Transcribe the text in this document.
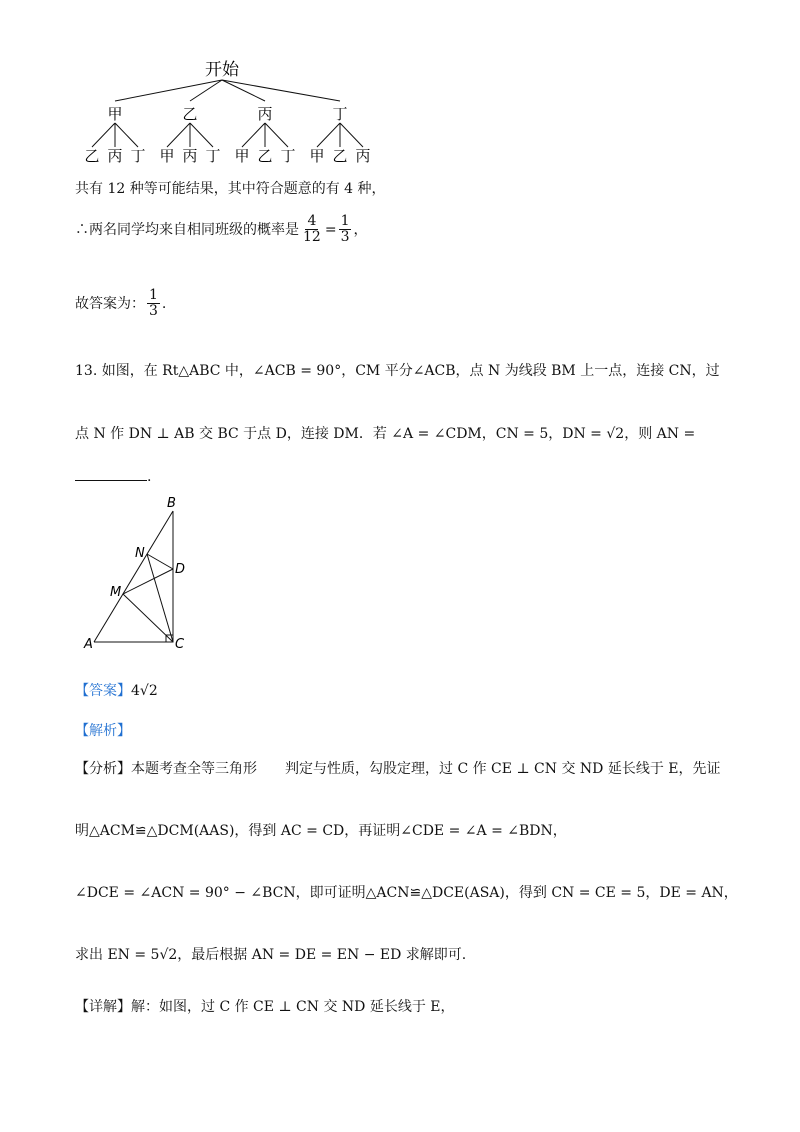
开始
甲	乙	丙	丁
乙 丙 丁 甲 丙 丁 甲 乙 丁 甲 乙 丙
共有 12 种等可能结果，其中符合题意的有 4 种，
∴两名同学均来自相同班级的概率是 $\frac{4}{12} = \frac{1}{3}$ ，
故答案为： $\frac{1}{3}$ .
13. 如图，在 Rt△ABC 中，∠ACB = 90°，CM 平分∠ACB，点 N 为线段 BM 上一点，连接 CN，过
点 N 作 DN ⊥ AB 交 BC 于点 D，连接 DM．若 ∠A = ∠CDM，CN = 5，DN = √2，则 AN =
.
B
N
D
M
A	C
【答案】4√2
【解析】
【分析】本题考查全等三角形　　判定与性质，勾股定理，过 C 作 CE ⊥ CN 交 ND 延长线于 E，先证
明△ACM≌△DCM(AAS)，得到 AC = CD，再证明∠CDE = ∠A = ∠BDN，
∠DCE = ∠ACN = 90° − ∠BCN，即可证明△ACN≌△DCE(ASA)，得到 CN = CE = 5，DE = AN，
求出 EN = 5√2，最后根据 AN = DE = EN − ED 求解即可.
【详解】解：如图，过 C 作 CE ⊥ CN 交 ND 延长线于 E，
